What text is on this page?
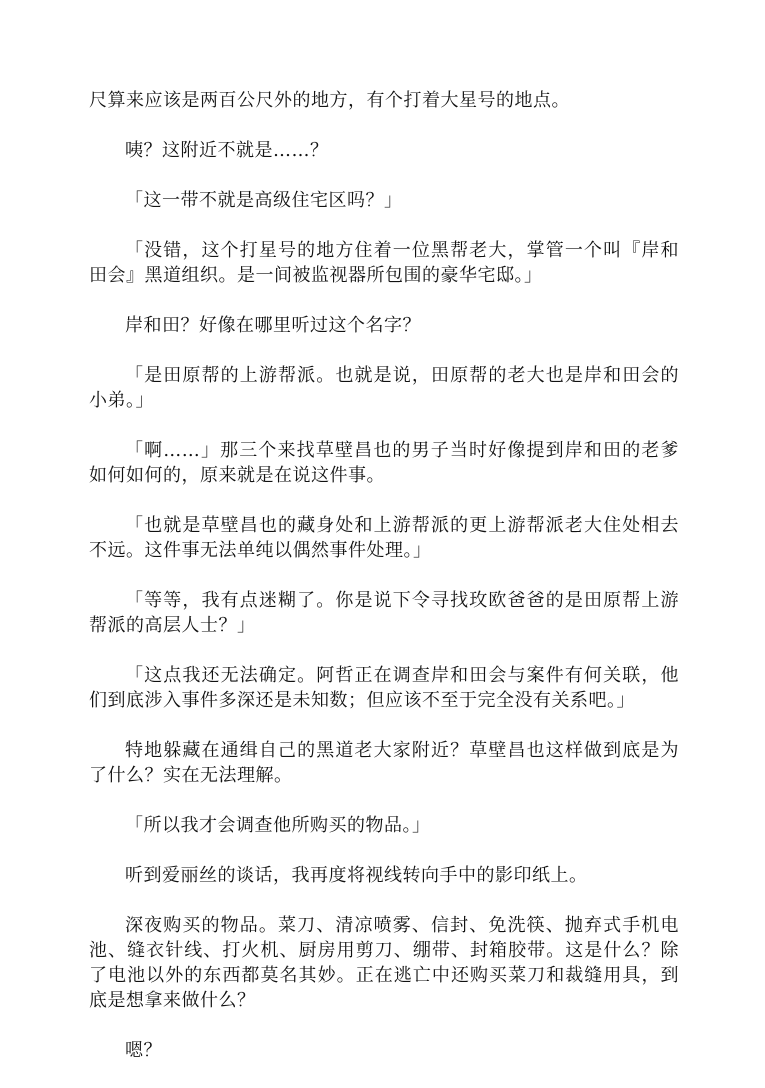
尺算来应该是两百公尺外的地方，有个打着大星号的地点。

咦？这附近不就是……？

「这一带不就是高级住宅区吗？」

「没错，这个打星号的地方住着一位黑帮老大，掌管一个叫『岸和田会』黑道组织。是一间被监视器所包围的豪华宅邸。」

岸和田？好像在哪里听过这个名字？

「是田原帮的上游帮派。也就是说，田原帮的老大也是岸和田会的小弟。」

「啊……」那三个来找草壁昌也的男子当时好像提到岸和田的老爹如何如何的，原来就是在说这件事。

「也就是草壁昌也的藏身处和上游帮派的更上游帮派老大住处相去不远。这件事无法单纯以偶然事件处理。」

「等等，我有点迷糊了。你是说下令寻找玫欧爸爸的是田原帮上游帮派的高层人士？」

「这点我还无法确定。阿哲正在调查岸和田会与案件有何关联，他们到底涉入事件多深还是未知数；但应该不至于完全没有关系吧。」

特地躲藏在通缉自己的黑道老大家附近？草壁昌也这样做到底是为了什么？实在无法理解。

「所以我才会调查他所购买的物品。」

听到爱丽丝的谈话，我再度将视线转向手中的影印纸上。

深夜购买的物品。菜刀、清凉喷雾、信封、免洗筷、抛弃式手机电池、缝衣针线、打火机、厨房用剪刀、绷带、封箱胶带。这是什么？除了电池以外的东西都莫名其妙。正在逃亡中还购买菜刀和裁缝用具，到底是想拿来做什么？

嗯？
